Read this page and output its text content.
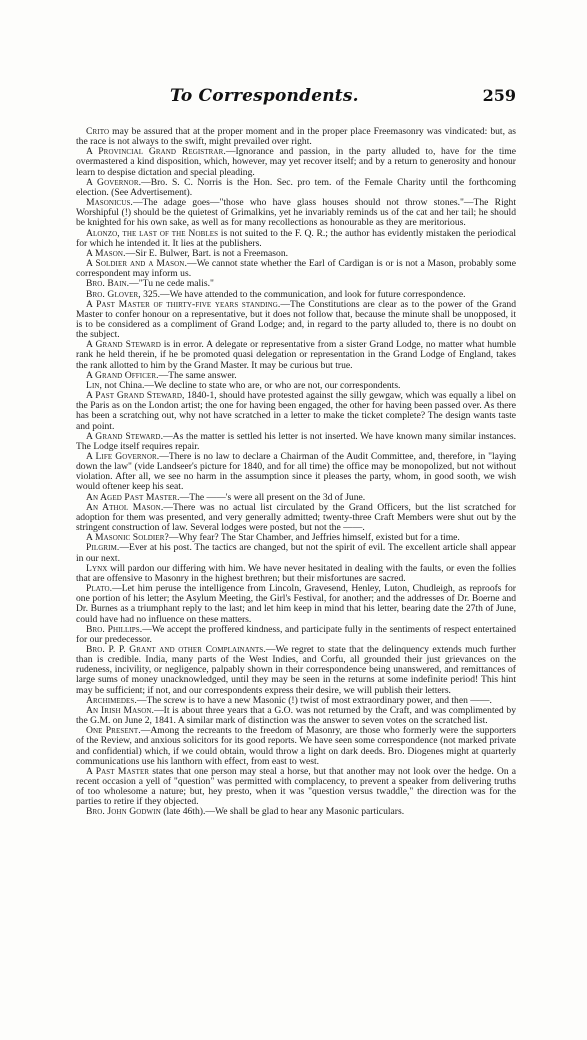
To Correspondents.	259

Crito may be assured that at the proper moment and in the proper place Freemasonry was vindicated: but, as the race is not always to the swift, might prevailed over right.

A Provincial Grand Registrar.—Ignorance and passion, in the party alluded to, have for the time overmastered a kind disposition, which, however, may yet recover itself; and by a return to generosity and honour learn to despise dictation and special pleading.

A Governor.—Bro. S. C. Norris is the Hon. Sec. pro tem. of the Female Charity until the forthcoming election. (See Advertisement).

Masonicus.—The adage goes—"those who have glass houses should not throw stones."—The Right Worshipful (!) should be the quietest of Grimalkins, yet he invariably reminds us of the cat and her tail; he should be knighted for his own sake, as well as for many recollections as honourable as they are meritorious.

Alonzo, the last of the Nobles is not suited to the F. Q. R.; the author has evidently mistaken the periodical for which he intended it. It lies at the publishers.

A Mason.—Sir E. Bulwer, Bart. is not a Freemason.

A Soldier and a Mason.—We cannot state whether the Earl of Cardigan is or is not a Mason, probably some correspondent may inform us.

Bro. Bain.—"Tu ne cede malis."

Bro. Glover, 325.—We have attended to the communication, and look for future correspondence.

A Past Master of thirty-five years standing.—The Constitutions are clear as to the power of the Grand Master to confer honour on a representative, but it does not follow that, because the minute shall be unopposed, it is to be considered as a compliment of Grand Lodge; and, in regard to the party alluded to, there is no doubt on the subject.

A Grand Steward is in error. A delegate or representative from a sister Grand Lodge, no matter what humble rank he held therein, if he be promoted quasi delegation or representation in the Grand Lodge of England, takes the rank allotted to him by the Grand Master. It may be curious but true.

A Grand Officer.—The same answer.

Lin, not China.—We decline to state who are, or who are not, our correspondents.

A Past Grand Steward, 1840-1, should have protested against the silly gewgaw, which was equally a libel on the Paris as on the London artist; the one for having been engaged, the other for having been passed over. As there has been a scratching out, why not have scratched in a letter to make the ticket complete? The design wants taste and point.

A Grand Steward.—As the matter is settled his letter is not inserted. We have known many similar instances. The Lodge itself requires repair.

A Life Governor.—There is no law to declare a Chairman of the Audit Committee, and, therefore, in "laying down the law" (vide Landseer's picture for 1840, and for all time) the office may be monopolized, but not without violation. After all, we see no harm in the assumption since it pleases the party, whom, in good sooth, we wish would oftener keep his seat.

An Aged Past Master.—The ——'s were all present on the 3d of June.

An Athol Mason.—There was no actual list circulated by the Grand Officers, but the list scratched for adoption for them was presented, and very generally admitted; twenty-three Craft Members were shut out by the stringent construction of law. Several lodges were posted, but not the ——.

A Masonic Soldier?—Why fear? The Star Chamber, and Jeffries himself, existed but for a time.

Pilgrim.—Ever at his post. The tactics are changed, but not the spirit of evil. The excellent article shall appear in our next.

Lynx will pardon our differing with him. We have never hesitated in dealing with the faults, or even the follies that are offensive to Masonry in the highest brethren; but their misfortunes are sacred.

Plato.—Let him peruse the intelligence from Lincoln, Gravesend, Henley, Luton, Chudleigh, as reproofs for one portion of his letter; the Asylum Meeting, the Girl's Festival, for another; and the addresses of Dr. Boerne and Dr. Burnes as a triumphant reply to the last; and let him keep in mind that his letter, bearing date the 27th of June, could have had no influence on these matters.

Bro. Phillips.—We accept the proffered kindness, and participate fully in the sentiments of respect entertained for our predecessor.

Bro. P. P. Grant and other Complainants.—We regret to state that the delinquency extends much further than is credible. India, many parts of the West Indies, and Corfu, all grounded their just grievances on the rudeness, incivility, or negligence, palpably shown in their correspondence being unanswered, and remittances of large sums of money unacknowledged, until they may be seen in the returns at some indefinite period! This hint may be sufficient; if not, and our correspondents express their desire, we will publish their letters.

Archimedes.—The screw is to have a new Masonic (!) twist of most extraordinary power, and then ——.

An Irish Mason.—It is about three years that a G.O. was not returned by the Craft, and was complimented by the G.M. on June 2, 1841. A similar mark of distinction was the answer to seven votes on the scratched list.

One Present.—Among the recreants to the freedom of Masonry, are those who formerly were the supporters of the Review, and anxious solicitors for its good reports. We have seen some correspondence (not marked private and confidential) which, if we could obtain, would throw a light on dark deeds. Bro. Diogenes might at quarterly communications use his lanthorn with effect, from east to west.

A Past Master states that one person may steal a horse, but that another may not look over the hedge. On a recent occasion a yell of "question" was permitted with complacency, to prevent a speaker from delivering truths of too wholesome a nature; but, hey presto, when it was "question versus twaddle," the direction was for the parties to retire if they objected.

Bro. John Godwin (late 46th).—We shall be glad to hear any Masonic particulars.
